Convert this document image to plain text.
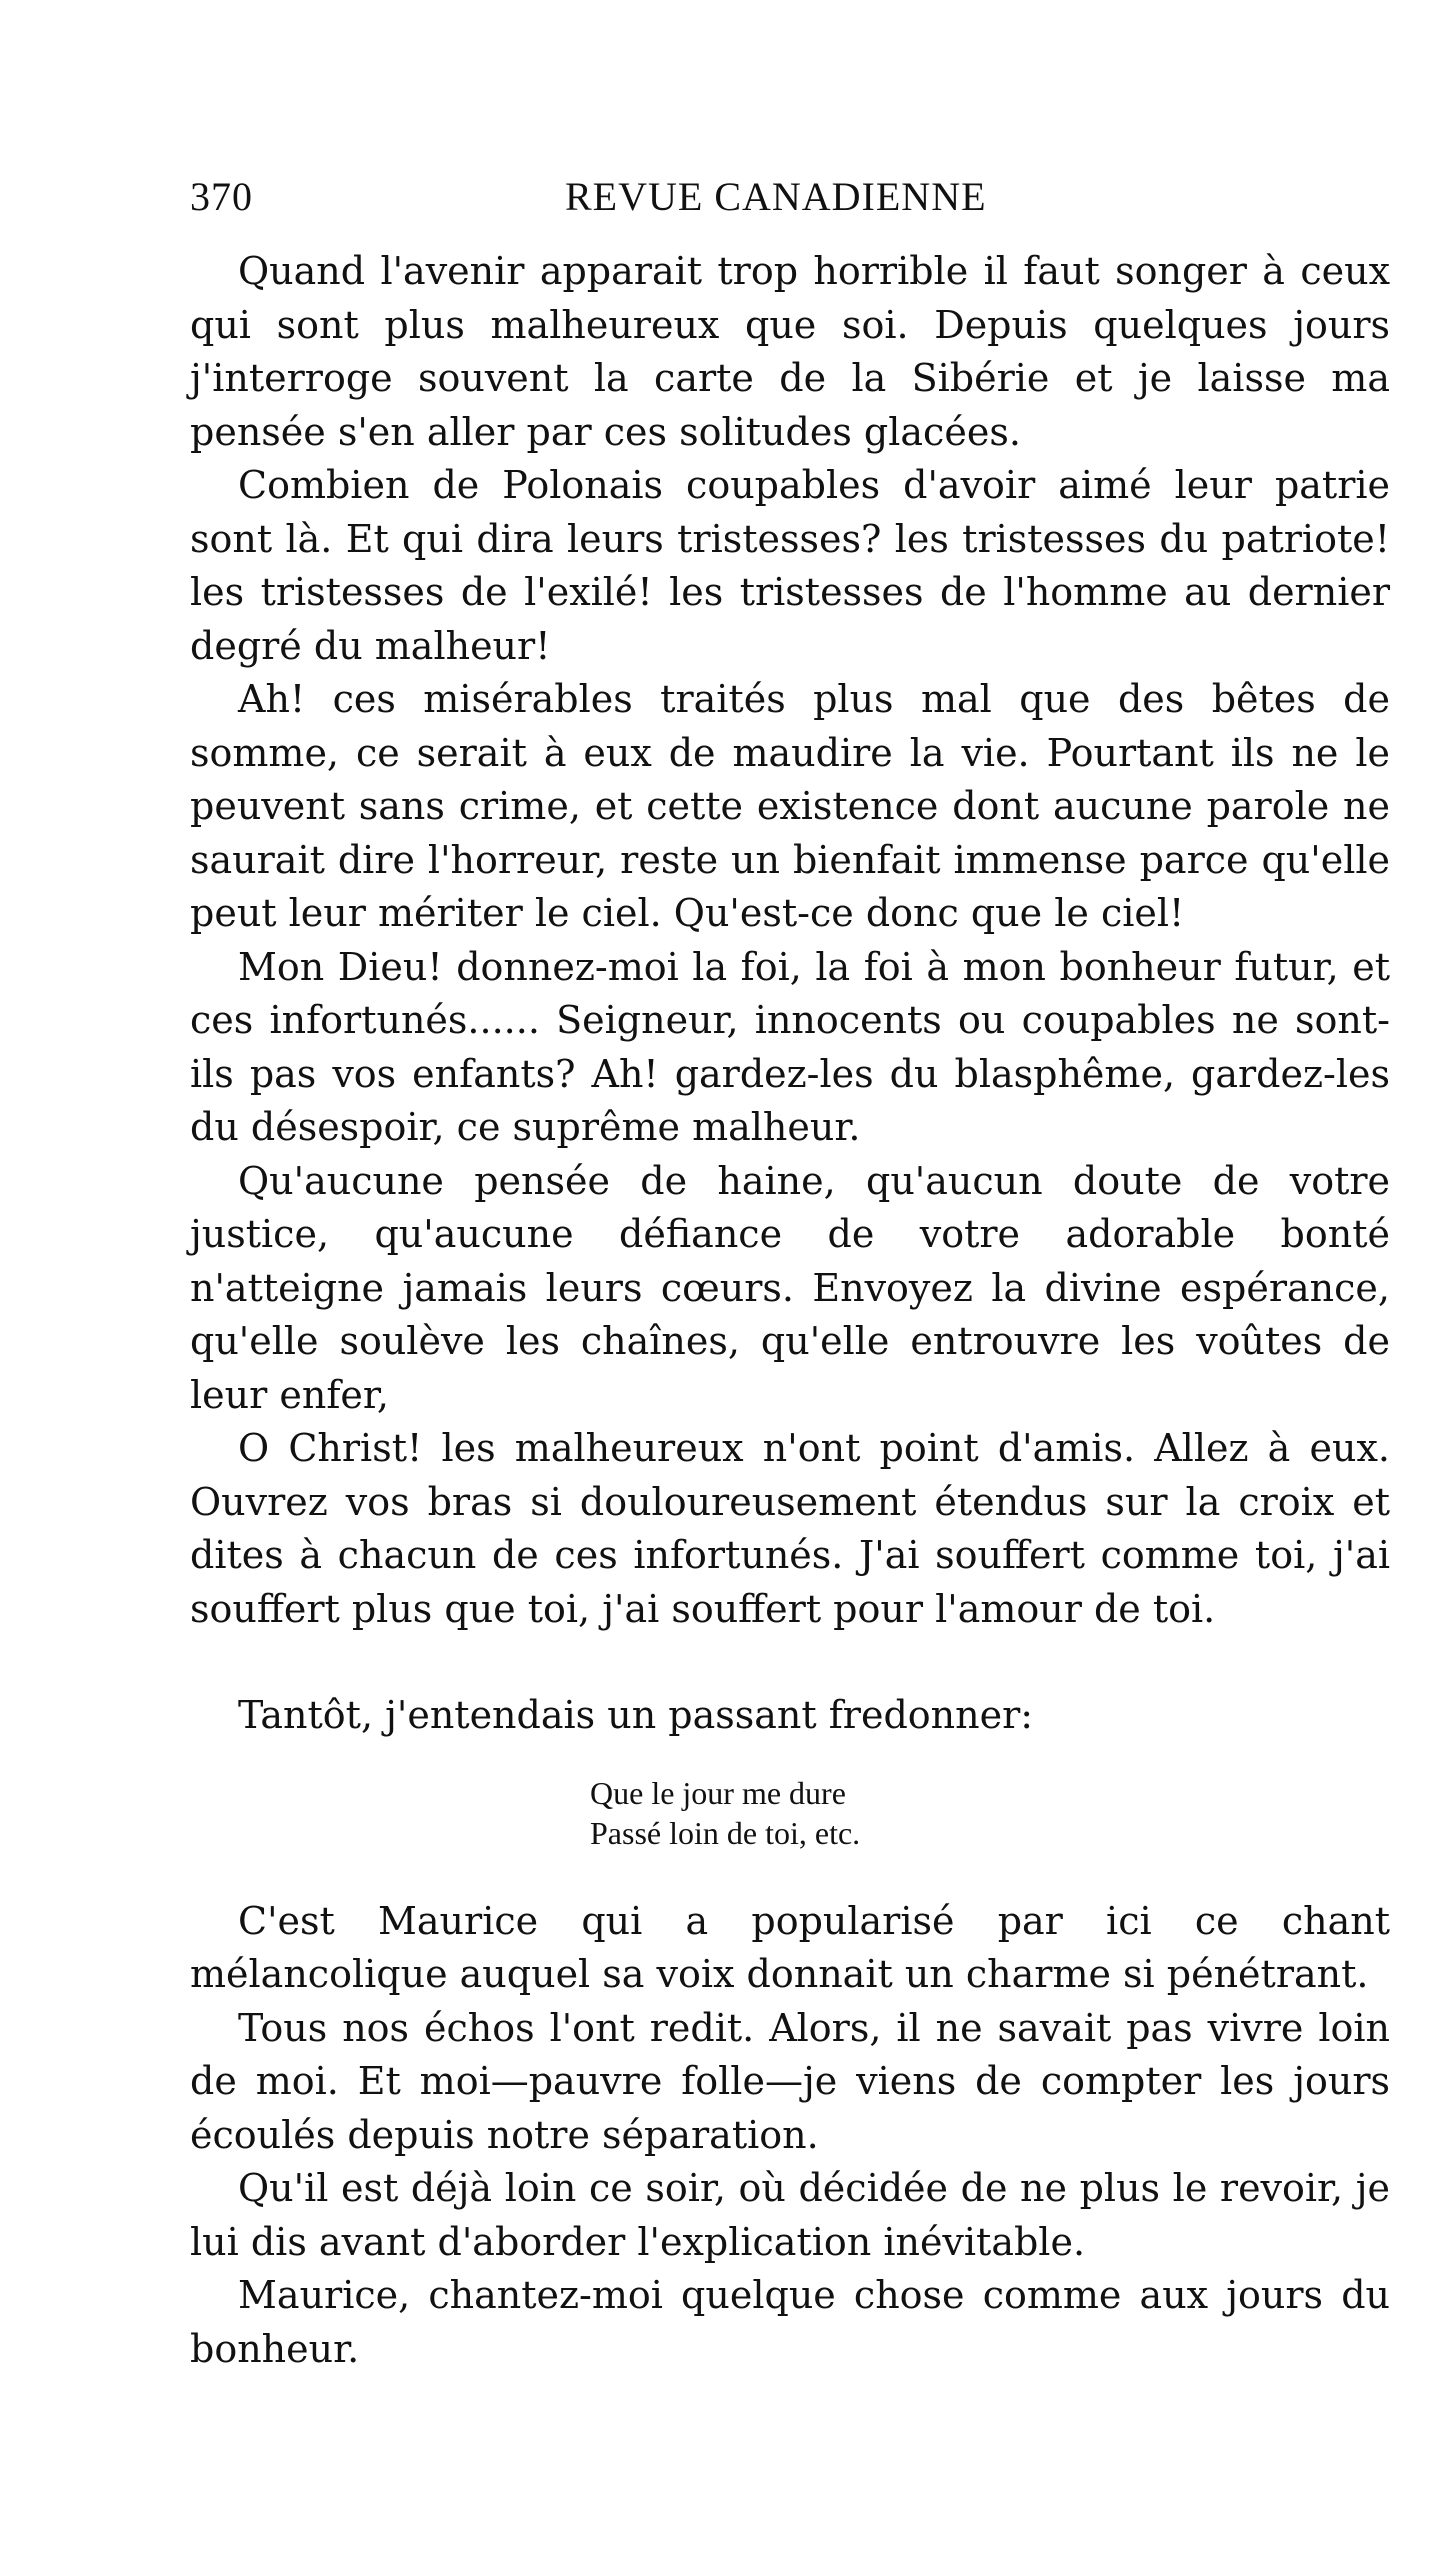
370	REVUE CANADIENNE

Quand l'avenir apparait trop horrible il faut songer à ceux qui sont plus malheureux que soi. Depuis quelques jours j'interroge souvent la carte de la Sibérie et je laisse ma pensée s'en aller par ces solitudes glacées.

Combien de Polonais coupables d'avoir aimé leur patrie sont là. Et qui dira leurs tristesses? les tristesses du patriote! les tristesses de l'exilé! les tristesses de l'homme au dernier degré du malheur!

Ah! ces misérables traités plus mal que des bêtes de somme, ce serait à eux de maudire la vie. Pourtant ils ne le peuvent sans crime, et cette existence dont aucune parole ne saurait dire l'horreur, reste un bienfait immense parce qu'elle peut leur mériter le ciel. Qu'est-ce donc que le ciel!

Mon Dieu! donnez-moi la foi, la foi à mon bonheur futur, et ces infortunés...... Seigneur, innocents ou coupables ne sont-ils pas vos enfants? Ah! gardez-les du blasphême, gardez-les du désespoir, ce suprême malheur.

Qu'aucune pensée de haine, qu'aucun doute de votre justice, qu'aucune défiance de votre adorable bonté n'atteigne jamais leurs cœurs. Envoyez la divine espérance, qu'elle soulève les chaînes, qu'elle entrouvre les voûtes de leur enfer,

O Christ! les malheureux n'ont point d'amis. Allez à eux. Ouvrez vos bras si douloureusement étendus sur la croix et dites à chacun de ces infortunés. J'ai souffert comme toi, j'ai souffert plus que toi, j'ai souffert pour l'amour de toi.

Tantôt, j'entendais un passant fredonner:

Que le jour me dure
Passé loin de toi, etc.

C'est Maurice qui a popularisé par ici ce chant mélancolique auquel sa voix donnait un charme si pénétrant.

Tous nos échos l'ont redit. Alors, il ne savait pas vivre loin de moi. Et moi—pauvre folle—je viens de compter les jours écoulés depuis notre séparation.

Qu'il est déjà loin ce soir, où décidée de ne plus le revoir, je lui dis avant d'aborder l'explication inévitable.

Maurice, chantez-moi quelque chose comme aux jours du bonheur.
